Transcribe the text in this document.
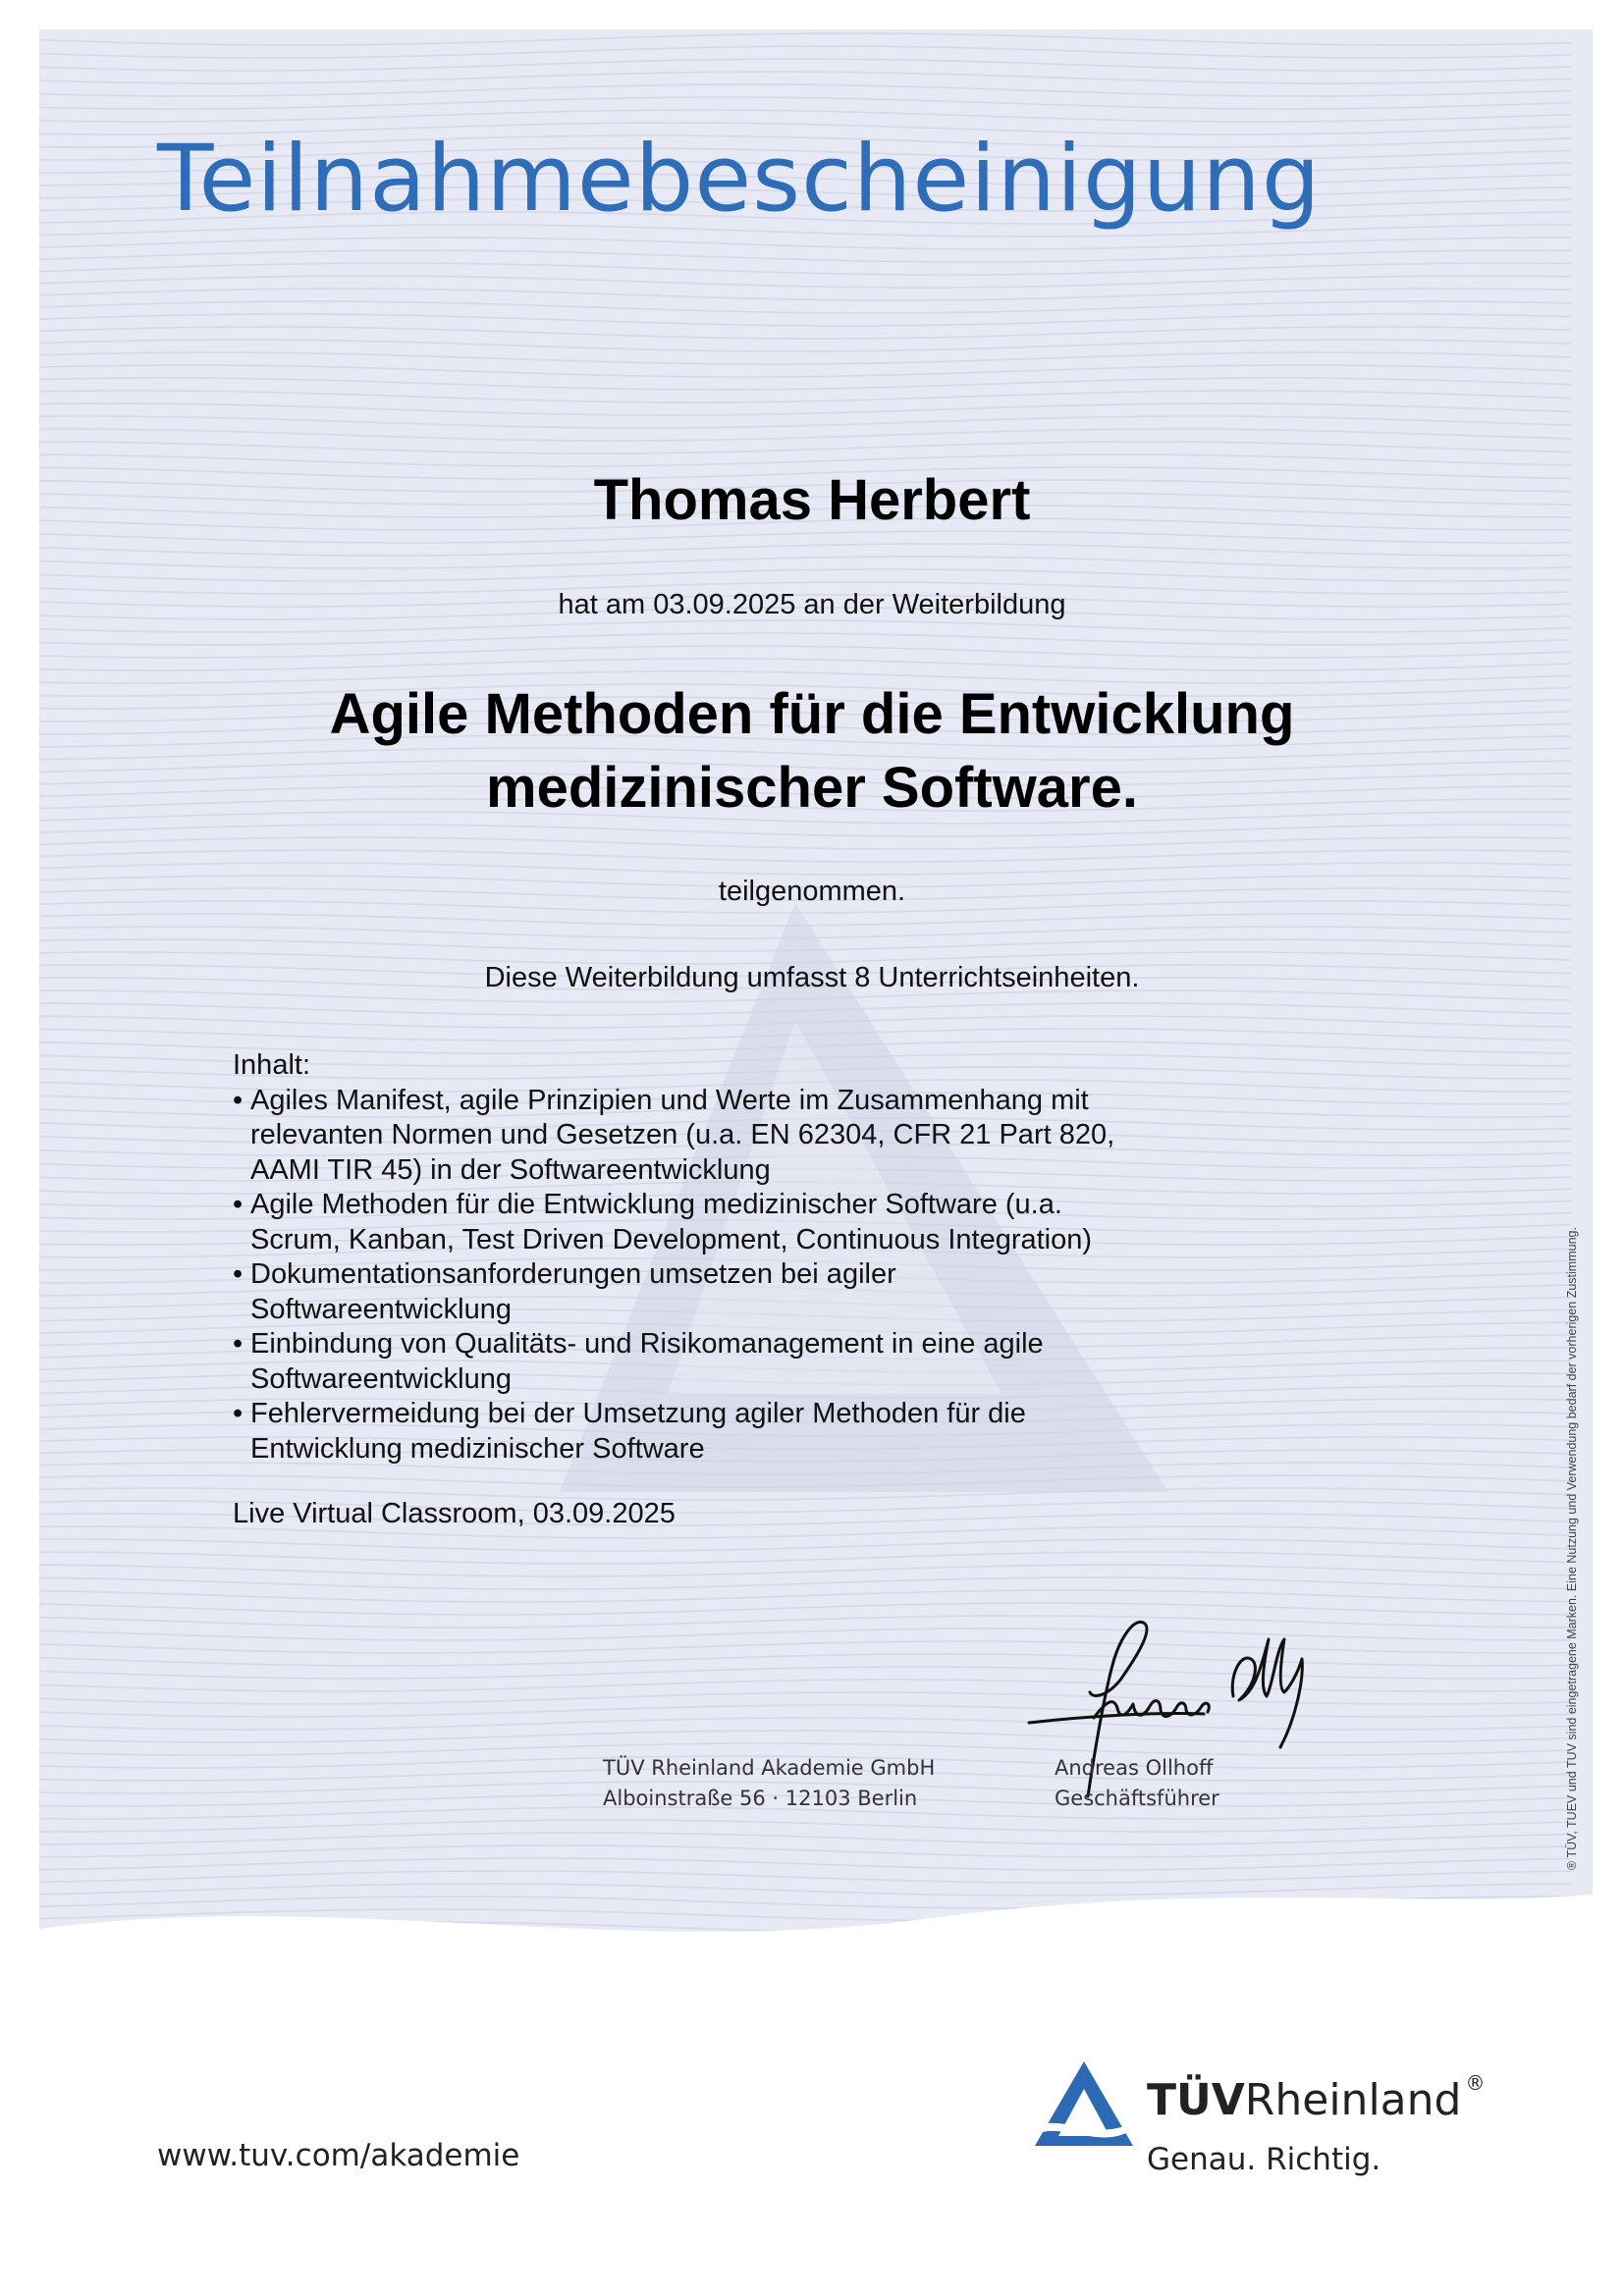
Teilnahmebescheinigung
Thomas Herbert
hat am 03.09.2025 an der Weiterbildung
Agile Methoden für die Entwicklung
medizinischer Software.
teilgenommen.
Diese Weiterbildung umfasst 8 Unterrichtseinheiten.
Inhalt:
• Agiles Manifest, agile Prinzipien und Werte im Zusammenhang mit
relevanten Normen und Gesetzen (u.a. EN 62304, CFR 21 Part 820,
AAMI TIR 45) in der Softwareentwicklung
• Agile Methoden für die Entwicklung medizinischer Software (u.a.
Scrum, Kanban, Test Driven Development, Continuous Integration)
• Dokumentationsanforderungen umsetzen bei agiler
Softwareentwicklung
• Einbindung von Qualitäts- und Risikomanagement in eine agile
Softwareentwicklung
• Fehlervermeidung bei der Umsetzung agiler Methoden für die
Entwicklung medizinischer Software
Live Virtual Classroom, 03.09.2025
TÜV Rheinland Akademie GmbH
Alboinstraße 56 · 12103 Berlin
Andreas Ollhoff
Geschäftsführer	® TÜV, TUEV und TUV sind eingetragene Marken. Eine Nutzung und Verwendung bedarf der vorherigen Zustimmung.
www.tuv.com/akademie
TÜVRheinland ®
Genau. Richtig.
